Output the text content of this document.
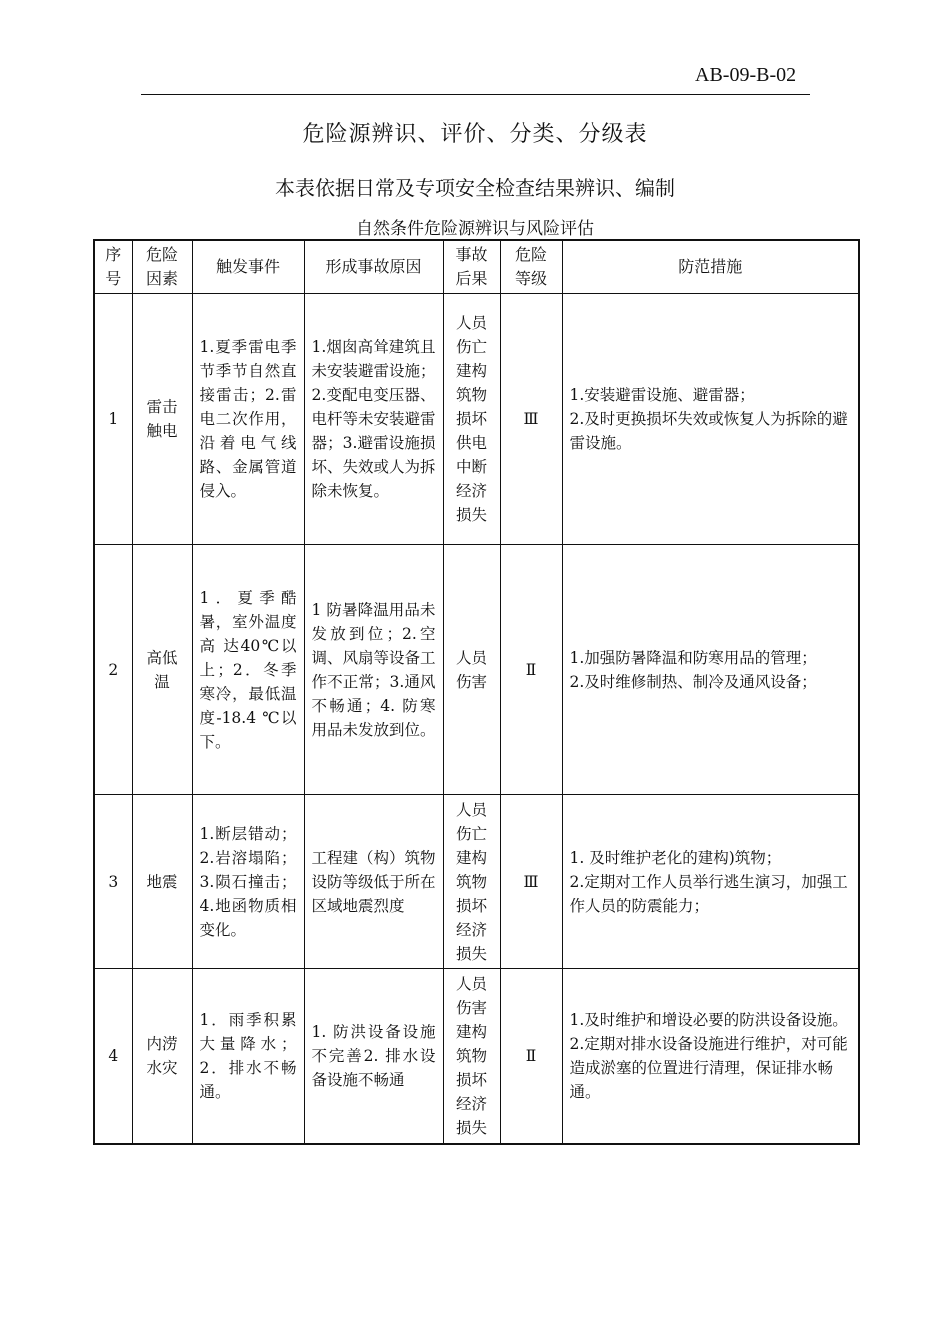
AB-09-B-02
危险源辨识、评价、分类、分级表
本表依据日常及专项安全检查结果辨识、编制
自然条件危险源辨识与风险评估
序号	危险因素	触发事件	形成事故原因	事故后果	危险等级	防范措施
1	雷击触电	1.夏季雷电季节季节自然直接雷击；2.雷电二次作用，沿着电气线路、金属管道侵入。	1.烟囱高耸建筑且未安装避雷设施；2.变配电变压器、电杆等未安装避雷器；3.避雷设施损坏、失效或人为拆除未恢复。	人员伤亡建构筑物损坏供电中断经济损失	Ⅲ	1.安装避雷设施、避雷器；
2.及时更换损坏失效或恢复人为拆除的避雷设施。

2	高低温	1．夏季酷暑，室外温度 高 达40℃以上；2．冬季寒冷，最低温度-18.4 ℃以下。	1 防暑降温用品未发放到位；2.空调、风扇等设备工作不正常；3.通风不畅通；4. 防寒用品未发放到位。	人员伤害	Ⅱ	1.加强防暑降温和防寒用品的管理；
2.及时维修制热、制冷及通风设备；

3	地震	1.断层错动；2.岩溶塌陷；3.陨石撞击；4.地函物质相变化。	工程建（构）筑物设防等级低于所在区域地震烈度	人员伤亡建构筑物损坏经济损失	Ⅲ	1. 及时维护老化的建构)筑物；
2.定期对工作人员举行逃生演习，加强工作人员的防震能力；

4	内涝水灾	1．雨季积累大量降水；2．排水不畅通。	1. 防洪设备设施不完善2. 排水设备设施不畅通	人员伤害建构筑物损坏经济损失	Ⅱ	1.及时维护和增设必要的防洪设备设施。
2.定期对排水设备设施进行维护，对可能造成淤塞的位置进行清理，保证排水畅通。
